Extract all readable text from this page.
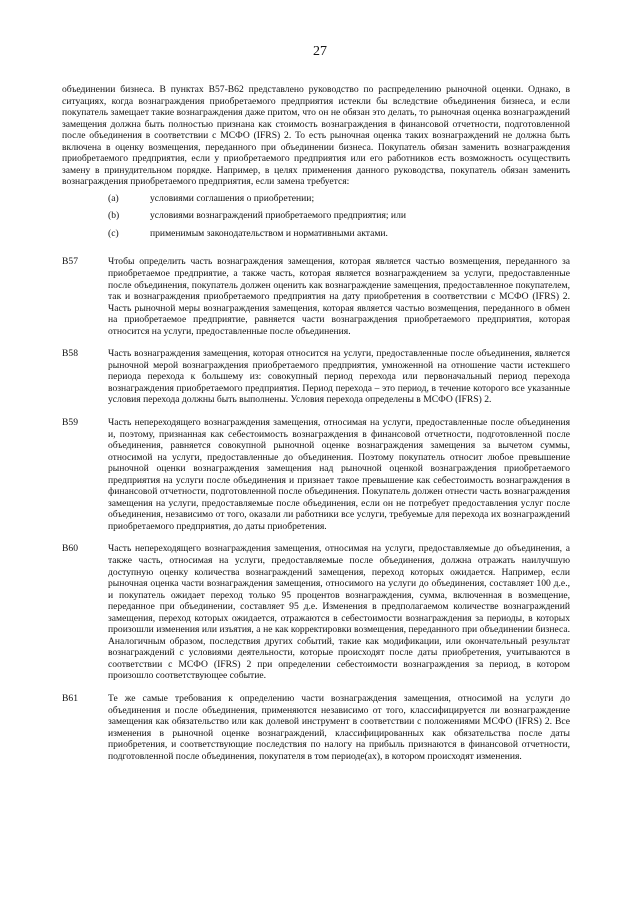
27

объединении бизнеса. В пунктах В57-В62 представлено руководство по распределению рыночной оценки. Однако, в ситуациях, когда вознаграждения приобретаемого предприятия истекли бы вследствие объединения бизнеса, и если покупатель замещает такие вознаграждения даже притом, что он не обязан это делать, то рыночная оценка вознаграждений замещения должна быть полностью признана как стоимость вознаграждения в финансовой отчетности, подготовленной после объединения в соответствии с МСФО (IFRS) 2. То есть рыночная оценка таких вознаграждений не должна быть включена в оценку возмещения, переданного при объединении бизнеса. Покупатель обязан заменить вознаграждения приобретаемого предприятия, если у приобретаемого предприятия или его работников есть возможность осуществить замену в принудительном порядке. Например, в целях применения данного руководства, покупатель обязан заменить вознаграждения приобретаемого предприятия, если замена требуется:

(a)	условиями соглашения о приобретении;
(b)	условиями вознаграждений приобретаемого предприятия; или
(c)	применимым законодательством и нормативными актами.
B57	Чтобы определить часть вознаграждения замещения, которая является частью возмещения, переданного за приобретаемое предприятие, а также часть, которая является вознаграждением за услуги, предоставленные после объединения, покупатель должен оценить как вознаграждение замещения, предоставленное покупателем, так и вознаграждения приобретаемого предприятия на дату приобретения в соответствии с МСФО (IFRS) 2. Часть рыночной меры вознаграждения замещения, которая является частью возмещения, переданного в обмен на приобретаемое предприятие, равняется части вознаграждения приобретаемого предприятия, которая относится на услуги, предоставленные после объединения.
B58	Часть вознаграждения замещения, которая относится на услуги, предоставленные после объединения, является рыночной мерой вознаграждения приобретаемого предприятия, умноженной на отношение части истекшего периода перехода к большему из: совокупный период перехода или первоначальный период перехода вознаграждения приобретаемого предприятия. Период перехода – это период, в течение которого все указанные условия перехода должны быть выполнены. Условия перехода определены в МСФО (IFRS) 2.
B59	Часть непереходящего вознаграждения замещения, относимая на услуги, предоставленные после объединения и, поэтому, признанная как себестоимость вознаграждения в финансовой отчетности, подготовленной после объединения, равняется совокупной рыночной оценке вознаграждения замещения за вычетом суммы, относимой на услуги, предоставленные до объединения. Поэтому покупатель относит любое превышение рыночной оценки вознаграждения замещения над рыночной оценкой вознаграждения приобретаемого предприятия на услуги после объединения и признает такое превышение как себестоимость вознаграждения в финансовой отчетности, подготовленной после объединения. Покупатель должен отнести часть вознаграждения замещения на услуги, предоставляемые после объединения, если он не потребует предоставления услуг после объединения, независимо от того, оказали ли работники все услуги, требуемые для перехода их вознаграждений приобретаемого предприятия, до даты приобретения.
B60	Часть непереходящего вознаграждения замещения, относимая на услуги, предоставляемые до объединения, а также часть, относимая на услуги, предоставляемые после объединения, должна отражать наилучшую доступную оценку количества вознаграждений замещения, переход которых ожидается. Например, если рыночная оценка части вознаграждения замещения, относимого на услуги до объединения, составляет 100 д.е., и покупатель ожидает переход только 95 процентов вознаграждения, сумма, включенная в возмещение, переданное при объединении, составляет 95 д.е. Изменения в предполагаемом количестве вознаграждений замещения, переход которых ожидается, отражаются в себестоимости вознаграждения за периоды, в которых произошли изменения или изъятия, а не как корректировки возмещения, переданного при объединении бизнеса. Аналогичным образом, последствия других событий, такие как модификации, или окончательный результат вознаграждений с условиями деятельности, которые происходят после даты приобретения, учитываются в соответствии с МСФО (IFRS) 2 при определении себестоимости вознаграждения за период, в котором произошло соответствующее событие.
B61	Те же самые требования к определению части вознаграждения замещения, относимой на услуги до объединения и после объединения, применяются независимо от того, классифицируется ли вознаграждение замещения как обязательство или как долевой инструмент в соответствии с положениями МСФО (IFRS) 2. Все изменения в рыночной оценке вознаграждений, классифицированных как обязательства после даты приобретения, и соответствующие последствия по налогу на прибыль признаются в финансовой отчетности, подготовленной после объединения, покупателя в том периоде(ах), в котором происходят изменения.
